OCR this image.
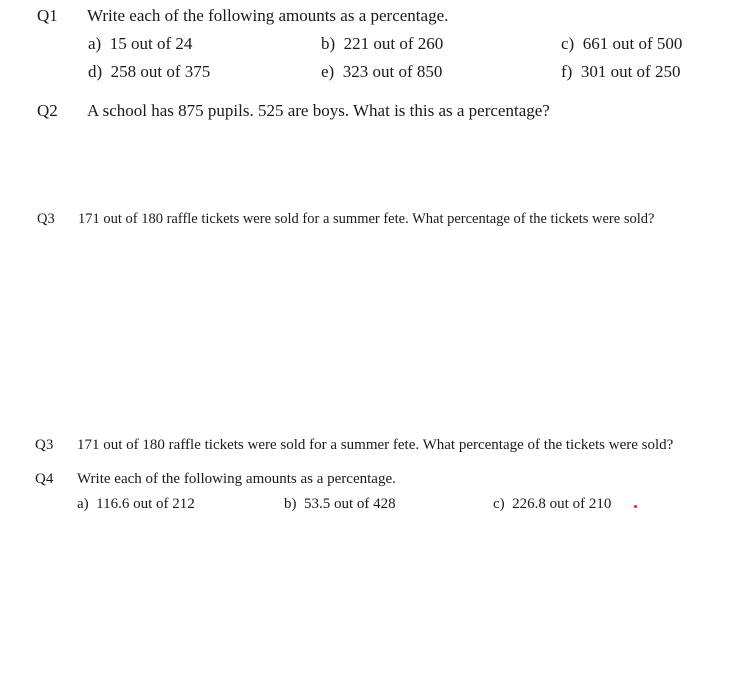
Q1 Write each of the following amounts as a percentage.
a) 15 out of 24	b) 221 out of 260	c) 661 out of 500
d) 258 out of 375	e) 323 out of 850	f) 301 out of 250
Q2 A school has 875 pupils. 525 are boys. What is this as a percentage?
Q3 171 out of 180 raffle tickets were sold for a summer fete. What percentage of the tickets were sold?
Q3 171 out of 180 raffle tickets were sold for a summer fete. What percentage of the tickets were sold?
Q4 Write each of the following amounts as a percentage.
a) 116.6 out of 212	b) 53.5 out of 428	c) 226.8 out of 210
